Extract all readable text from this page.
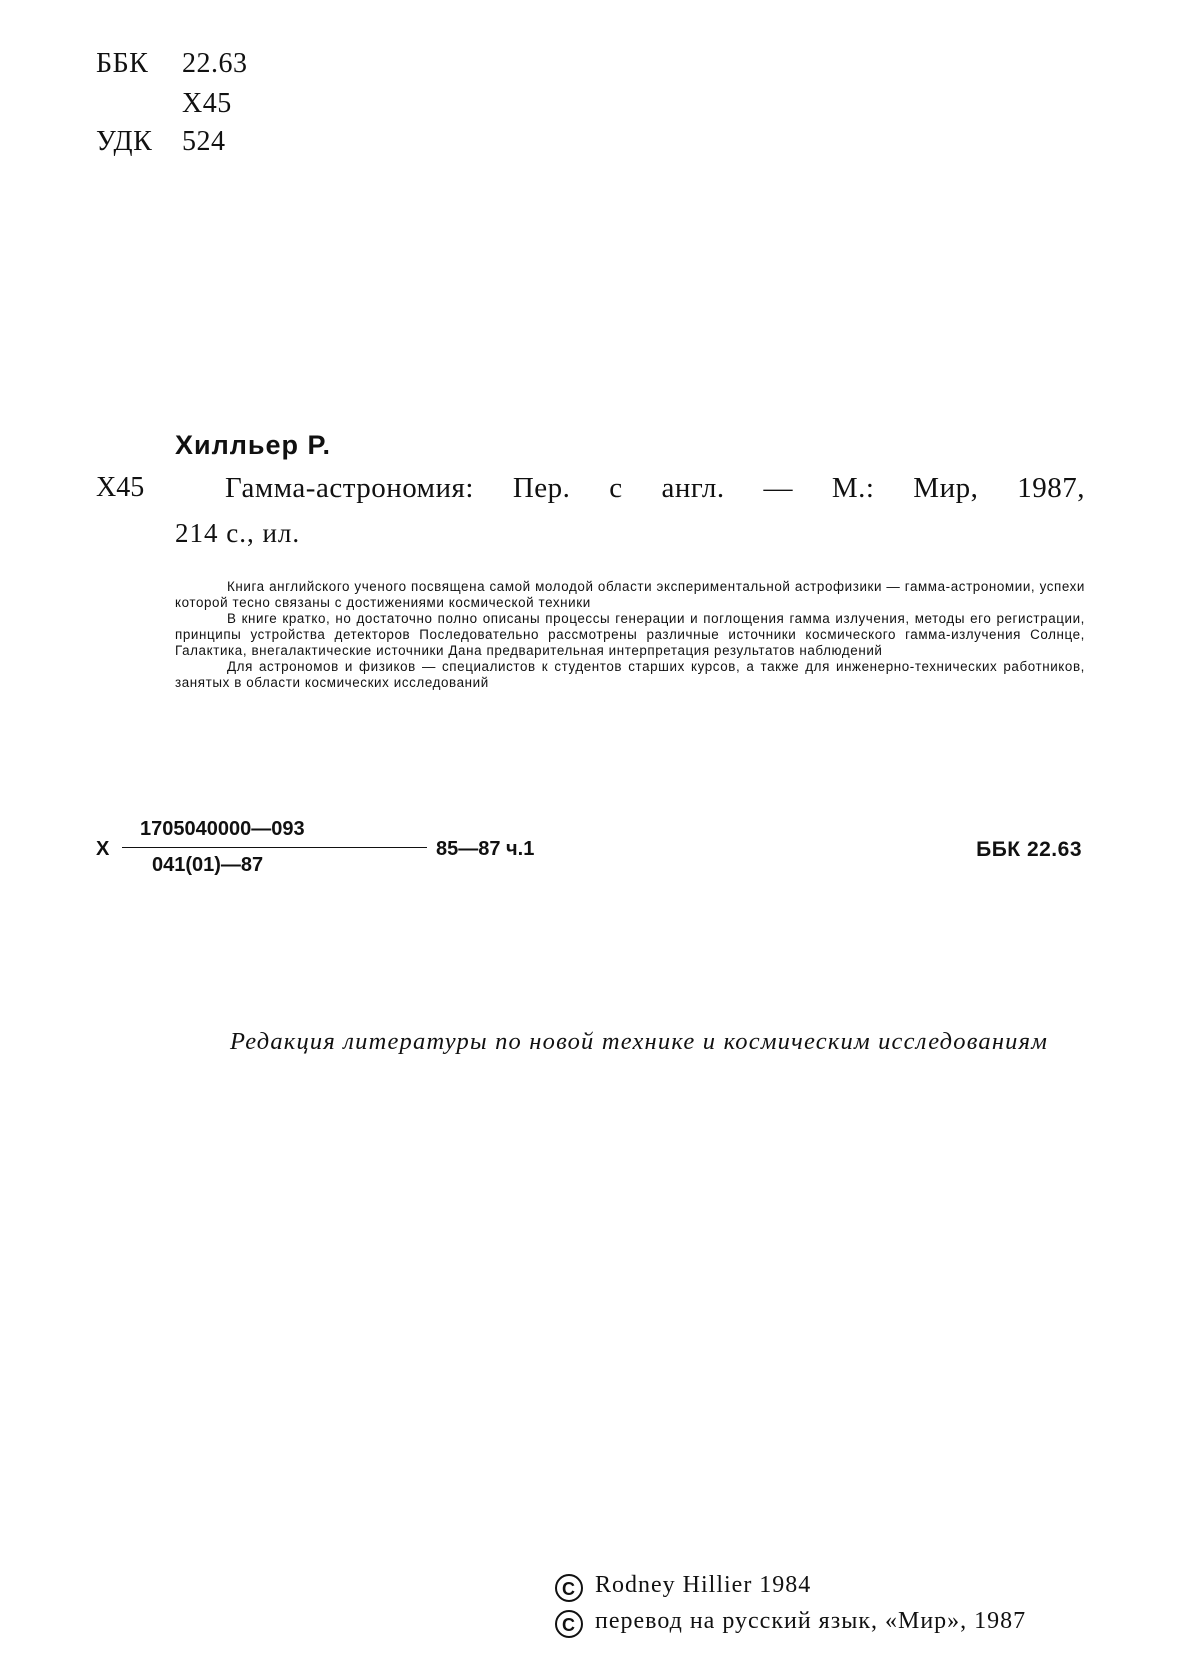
ББК 22.63
Х45
УДК 524
Хилльер Р.
Х45	Гамма-астрономия: Пер. с англ. — М.: Мир, 1987,
214 с., ил.

Книга английского ученого посвящена самой молодой области экспериментальной астрофизики — гамма-астрономии, успехи которой тесно связаны с достижениями космической техники

В книге кратко, но достаточно полно описаны процессы генерации и поглощения гамма излучения, методы его регистрации, принципы устройства детекторов Последовательно рассмотрены различные источники космического гамма-излучения Солнце, Галактика, внегалактические источники Дана предварительная интерпретация результатов наблюдений

Для астрономов и физиков — специалистов к студентов старших курсов, а также для инженерно-технических работников, занятых в области космических исследований

Х
1705040000—093
041(01)—87
85—87 ч.1	ББК 22.63
Редакция литературы по новой технике и космическим исследованиям
C Rodney Hillier 1984
C перевод на русский язык, «Мир», 1987
